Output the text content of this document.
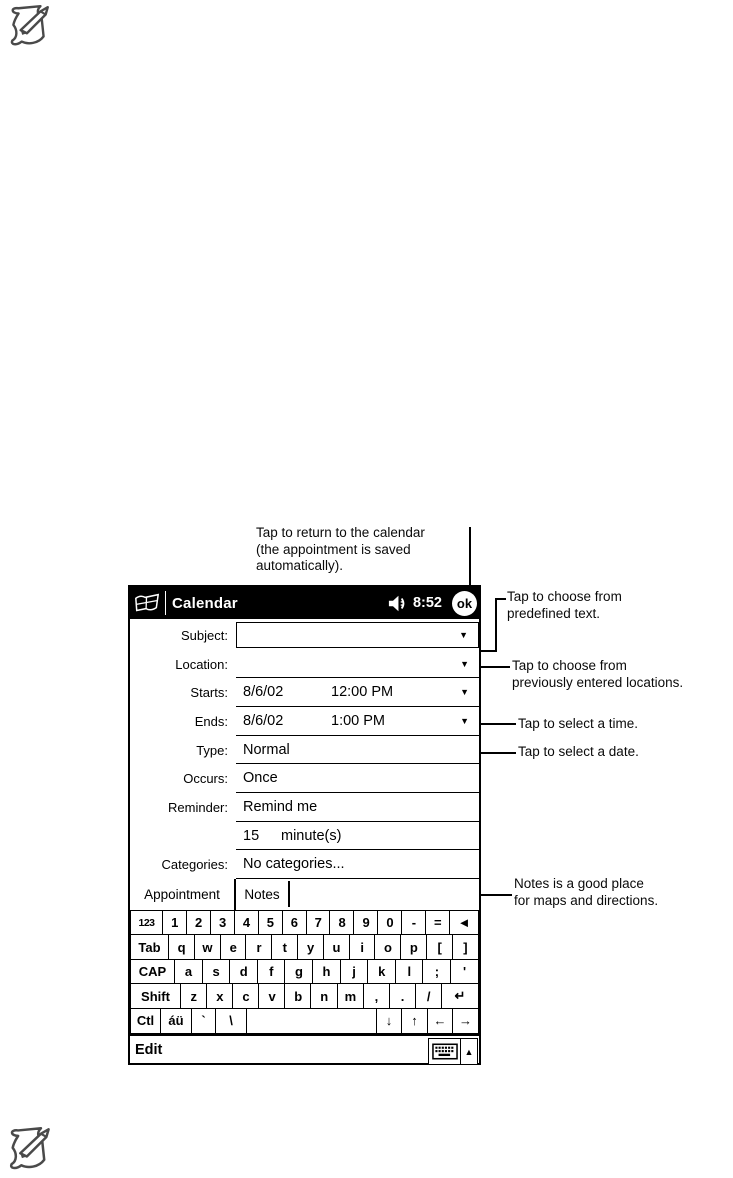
Tap to return to the calendar
(the appointment is saved
automatically).
Tap to choose from
predefined text.
Tap to choose from
previously entered locations.
Tap to select a time.
Tap to select a date.
Notes is a good place
for maps and directions.
Calendar	8:52	ok
Subject:	▼
Location:	▼
Starts:	8/6/02	12:00 PM	▼
Ends:	8/6/02	1:00 PM	▼
Type:	Normal
Occurs:	Once
Reminder:	Remind me
15	minute(s)
Categories:	No categories...
Appointment	Notes
123	1	2	3	4	5	6	7	8	9	0	-	=	◄
Tab	q	w	e	r	t	y	u	i	o	p	[	]
CAP	a	s	d	f	g	h	j	k	l	;	'
Shift	z	x	c	v	b	n	m	,	.	/	↵
Ctl	áü	`	\	↓	↑	← →
Edit	▲
